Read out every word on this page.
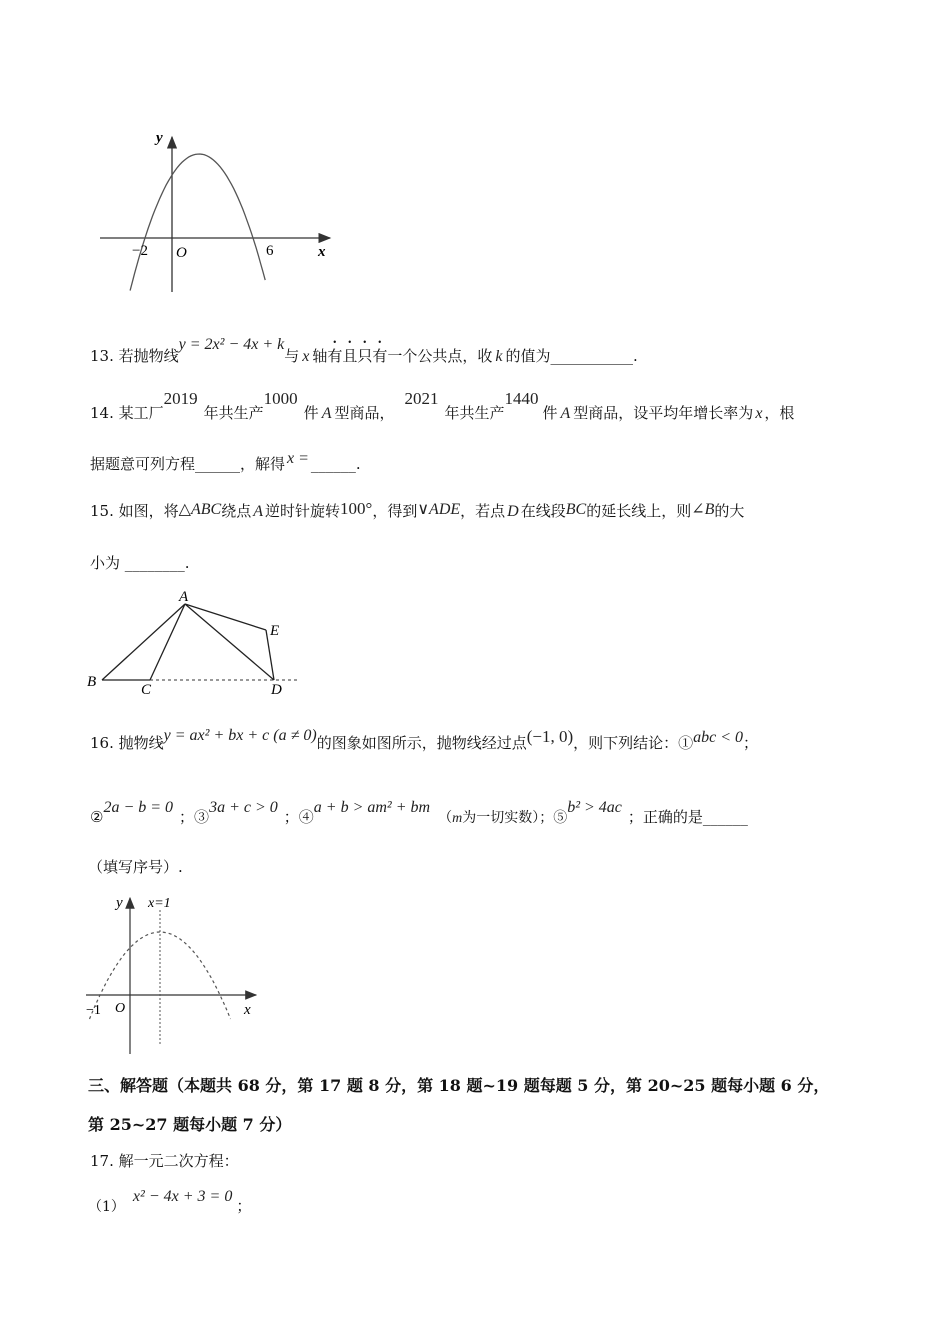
y
x
O
−2	6
13. 若抛物线y = 2x² − 4x + k与 x 轴有且只有一个公共点，收 k 的值为___________.
14. 某工厂2019年共生产1000件 A 型商品，2021年共生产1440件 A 型商品，设平均年增长率为 x ，根
据题意可列方程______，解得 x = ______.
15. 如图，将△ABC绕点 A 逆时针旋转100°，得到∨ADE，若点 D 在线段BC的延长线上，则∠B的大
小为 ________.
A
B	C	D
E
16. 抛物线y = ax² + bx + c (a ≠ 0)的图象如图所示，抛物线经过点(−1, 0)，则下列结论：①abc < 0；
②2a − b = 0；③3a + c > 0；④a + b > am² + bm（m为一切实数）；⑤b² > 4ac；正确的是______
（填写序号）.
y x=1
x
O
−1
三、解答题（本题共 68 分，第 17 题 8 分，第 18 题~19 题每题 5 分，第 20~25 题每小题 6 分，
第 25~27 题每小题 7 分）
17. 解一元二次方程：
（1）x² − 4x + 3 = 0；
